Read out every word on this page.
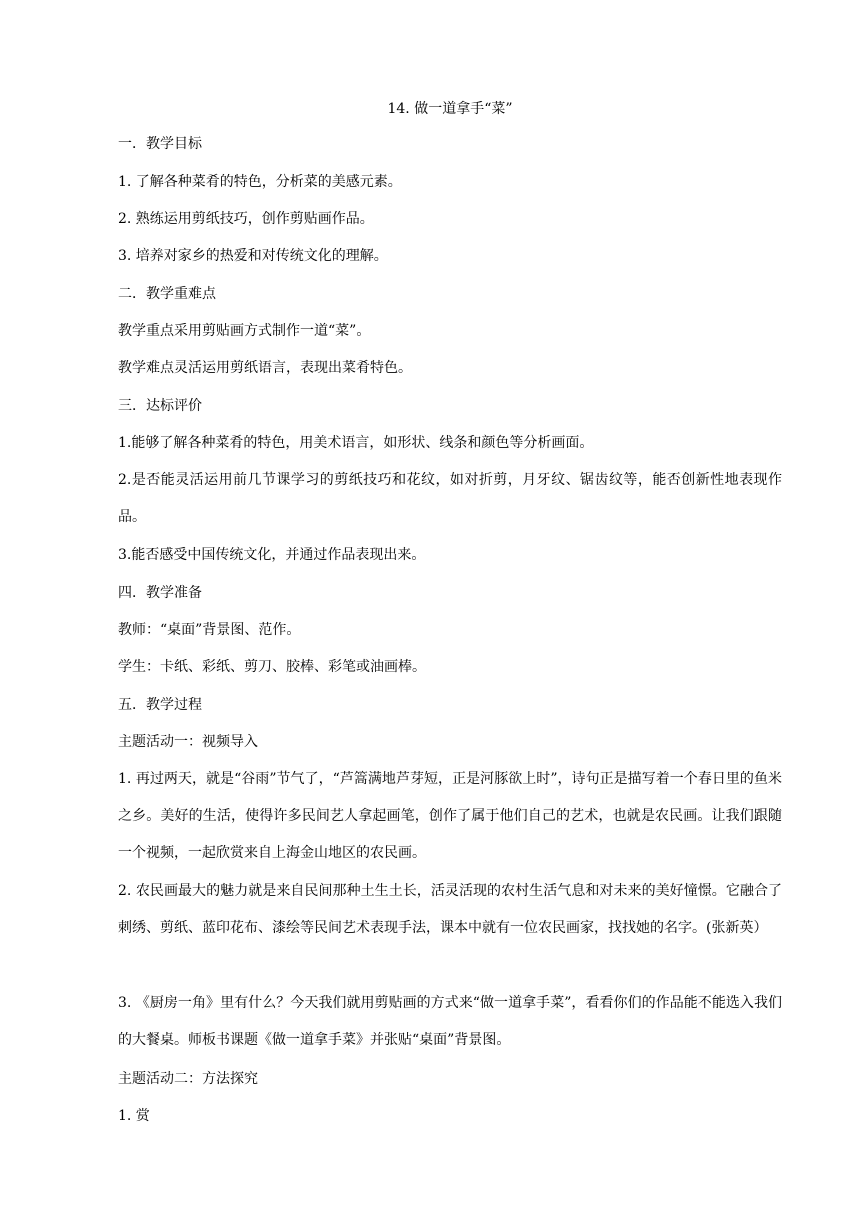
14. 做一道拿手“菜”
一．教学目标
1. 了解各种菜肴的特色，分析菜的美感元素。
2. 熟练运用剪纸技巧，创作剪贴画作品。
3. 培养对家乡的热爱和对传统文化的理解。
二．教学重难点
教学重点采用剪贴画方式制作一道“菜”。
教学难点灵活运用剪纸语言，表现出菜肴特色。
三．达标评价
1.能够了解各种菜肴的特色，用美术语言，如形状、线条和颜色等分析画面。
2.是否能灵活运用前几节课学习的剪纸技巧和花纹，如对折剪，月牙纹、锯齿纹等，能否创新性地表现作品。
3.能否感受中国传统文化，并通过作品表现出来。
四．教学准备
教师：“桌面”背景图、范作。
学生：卡纸、彩纸、剪刀、胶棒、彩笔或油画棒。
五．教学过程
主题活动一：视频导入
1. 再过两天，就是“谷雨”节气了，“芦篙满地芦芽短，正是河豚欲上时”，诗句正是描写着一个春日里的鱼米之乡。美好的生活，使得许多民间艺人拿起画笔，创作了属于他们自己的艺术，也就是农民画。让我们跟随一个视频，一起欣赏来自上海金山地区的农民画。
2. 农民画最大的魅力就是来自民间那种土生土长，活灵活现的农村生活气息和对未来的美好憧憬。它融合了刺绣、剪纸、蓝印花布、漆绘等民间艺术表现手法，课本中就有一位农民画家，找找她的名字。(张新英）
3. 《厨房一角》里有什么？今天我们就用剪贴画的方式来“做一道拿手菜”，看看你们的作品能不能选入我们的大餐桌。师板书课题《做一道拿手菜》并张贴“桌面”背景图。
主题活动二：方法探究
1. 赏
